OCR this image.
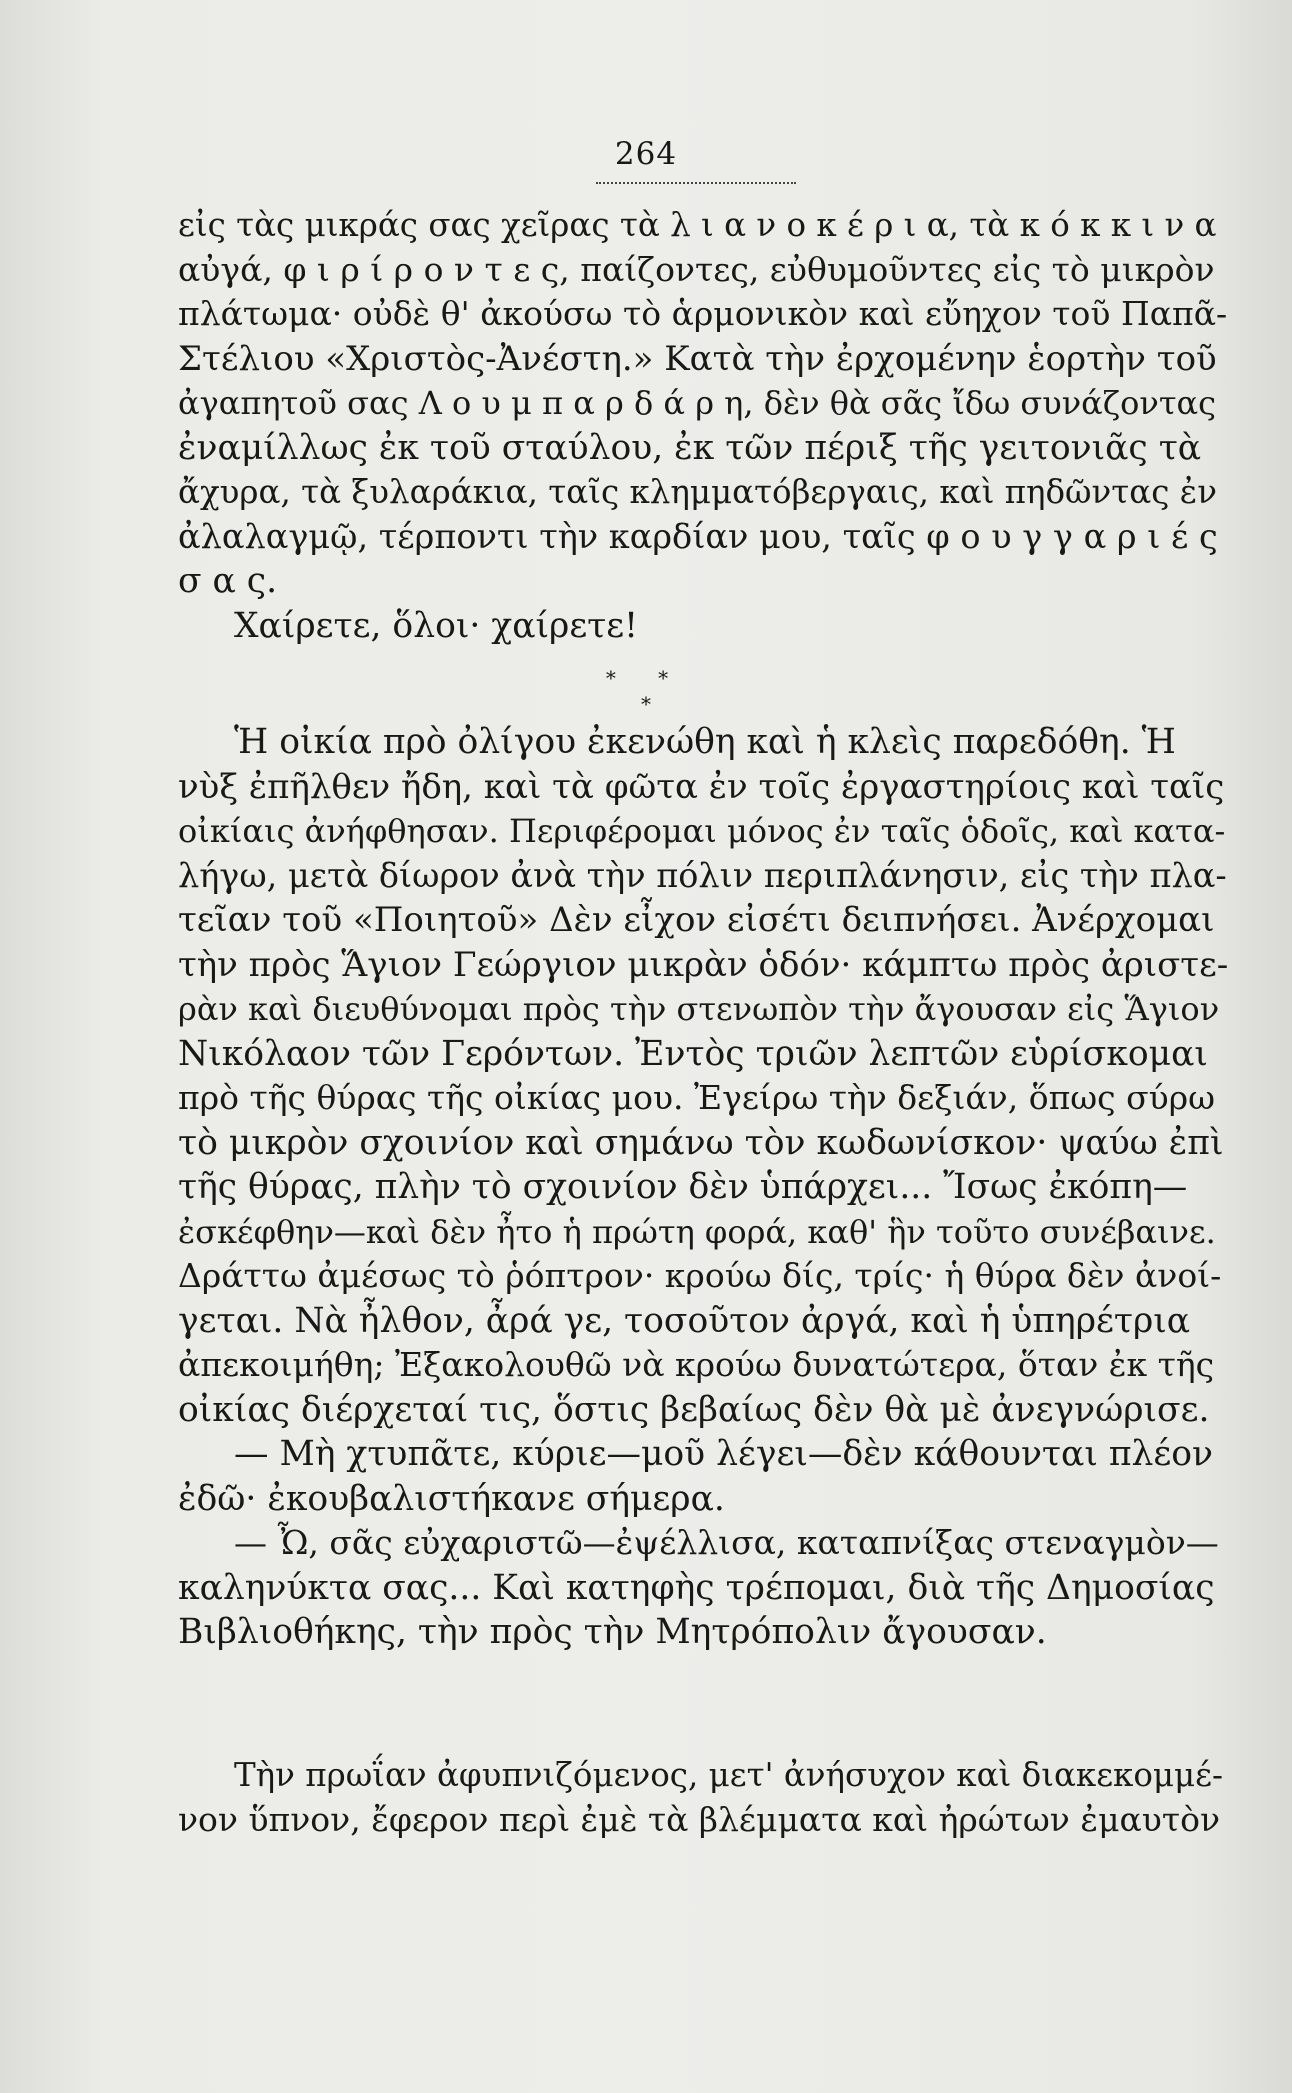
264
εἰς τὰς μικράς σας χεῖρας τὰ λ ι α ν ο κ έ ρ ι α, τὰ κ ό κ κ ι ν α
αὐγά, φ ι ρ ί ρ ο ν τ ε ς, παίζοντες, εὐθυμοῦντες εἰς τὸ μικρὸν
πλάτωμα· οὐδὲ θ' ἀκούσω τὸ ἁρμονικὸν καὶ εὔηχον τοῦ Παπᾶ-
Στέλιου «Χριστὸς-Ἀνέστη.» Κατὰ τὴν ἐρχομένην ἑορτὴν τοῦ
ἀγαπητοῦ σας Λ ο υ μ π α ρ δ ά ρ η, δὲν θὰ σᾶς ἴδω συνάζοντας
ἐναμίλλως ἐκ τοῦ σταύλου, ἐκ τῶν πέριξ τῆς γειτονιᾶς τὰ
ἄχυρα, τὰ ξυλαράκια, ταῖς κλημματόβεργαις, καὶ πηδῶντας ἐν
ἀλαλαγμῷ, τέρποντι τὴν καρδίαν μου, ταῖς φ ο υ γ γ α ρ ι έ ς
σ α ς.
Χαίρετε, ὅλοι· χαίρετε!
* *
*
Ἡ οἰκία πρὸ ὀλίγου ἐκενώθη καὶ ἡ κλεὶς παρεδόθη. Ἡ
νὺξ ἐπῆλθεν ἤδη, καὶ τὰ φῶτα ἐν τοῖς ἐργαστηρίοις καὶ ταῖς
οἰκίαις ἀνήφθησαν. Περιφέρομαι μόνος ἐν ταῖς ὁδοῖς, καὶ κατα-
λήγω, μετὰ δίωρον ἀνὰ τὴν πόλιν περιπλάνησιν, εἰς τὴν πλα-
τεῖαν τοῦ «Ποιητοῦ» Δὲν εἶχον εἰσέτι δειπνήσει. Ἀνέρχομαι
τὴν πρὸς Ἅγιον Γεώργιον μικρὰν ὁδόν· κάμπτω πρὸς ἀριστε-
ρὰν καὶ διευθύνομαι πρὸς τὴν στενωπὸν τὴν ἄγουσαν εἰς Ἅγιον
Νικόλαον τῶν Γερόντων. Ἐντὸς τριῶν λεπτῶν εὑρίσκομαι
πρὸ τῆς θύρας τῆς οἰκίας μου. Ἐγείρω τὴν δεξιάν, ὅπως σύρω
τὸ μικρὸν σχοινίον καὶ σημάνω τὸν κωδωνίσκον· ψαύω ἐπὶ
τῆς θύρας, πλὴν τὸ σχοινίον δὲν ὑπάρχει... Ἴσως ἐκόπη—
ἐσκέφθην—καὶ δὲν ἦτο ἡ πρώτη φορά, καθ' ἣν τοῦτο συνέβαινε.
Δράττω ἀμέσως τὸ ῥόπτρον· κρούω δίς, τρίς· ἡ θύρα δὲν ἀνοί-
γεται. Νὰ ἦλθον, ἆρά γε, τοσοῦτον ἀργά, καὶ ἡ ὑπηρέτρια
ἀπεκοιμήθη; Ἐξακολουθῶ νὰ κρούω δυνατώτερα, ὅταν ἐκ τῆς
οἰκίας διέρχεταί τις, ὅστις βεβαίως δὲν θὰ μὲ ἀνεγνώρισε.
— Μὴ χτυπᾶτε, κύριε—μοῦ λέγει—δὲν κάθουνται πλέον
ἐδῶ· ἐκουβαλιστήκανε σήμερα.
— Ὦ, σᾶς εὐχαριστῶ—ἐψέλλισα, καταπνίξας στεναγμὸν—
καληνύκτα σας... Καὶ κατηφὴς τρέπομαι, διὰ τῆς Δημοσίας
Βιβλιοθήκης, τὴν πρὸς τὴν Μητρόπολιν ἄγουσαν.
Τὴν πρωΐαν ἀφυπνιζόμενος, μετ' ἀνήσυχον καὶ διακεκομμέ-
νον ὕπνον, ἔφερον περὶ ἐμὲ τὰ βλέμματα καὶ ἠρώτων ἐμαυτὸν
